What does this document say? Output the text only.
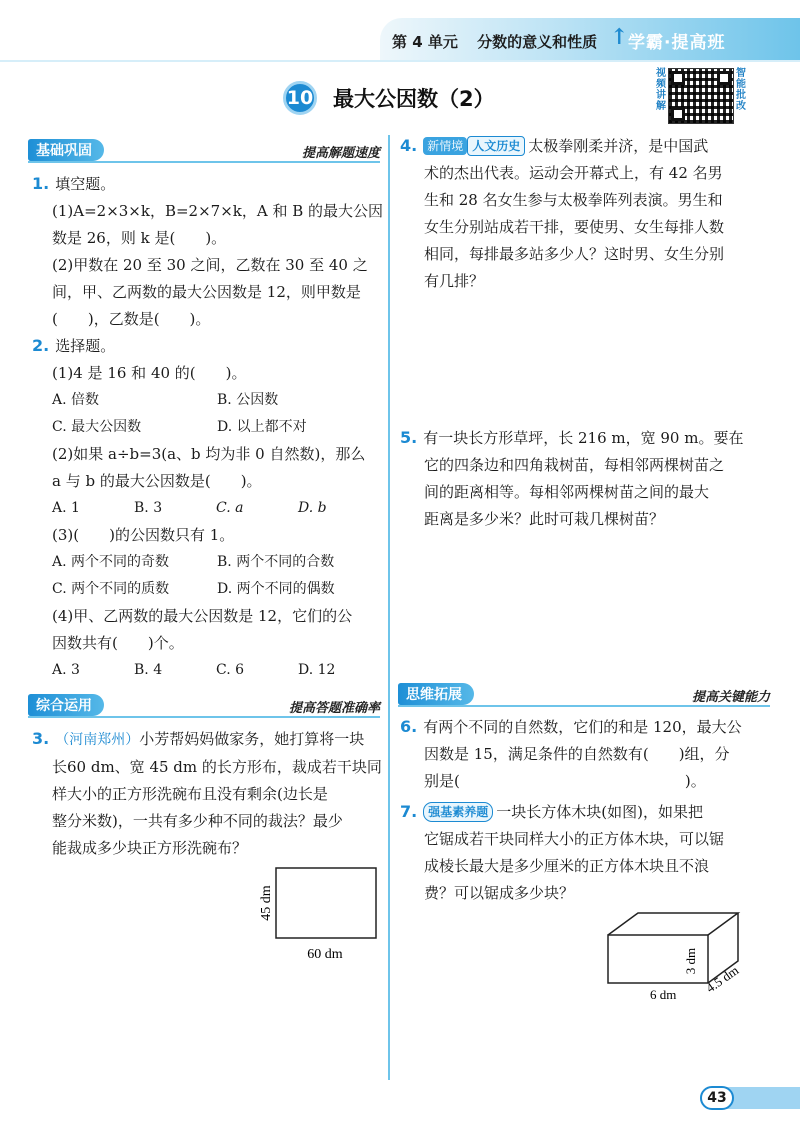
第 4 单元 分数的意义和性质 ↑ 学霸·提高班
10 最大公因数（2）
视频讲解
智能批改
基础巩固	提高解题速度
1. 填空题。
(1)A=2×3×k，B=2×7×k，A 和 B 的最大公因
数是 26，则 k 是(　　)。
(2)甲数在 20 至 30 之间，乙数在 30 至 40 之
间，甲、乙两数的最大公因数是 12，则甲数是
(　　)，乙数是(　　)。
2. 选择题。
(1)4 是 16 和 40 的(　　)。
A. 倍数	B. 公因数
C. 最大公因数	D. 以上都不对
(2)如果 a÷b=3(a、b 均为非 0 自然数)，那么
a 与 b 的最大公因数是(　　)。
A. 1	B. 3	C. a	D. b
(3)(　　)的公因数只有 1。
A. 两个不同的奇数	B. 两个不同的合数
C. 两个不同的质数	D. 两个不同的偶数
(4)甲、乙两数的最大公因数是 12，它们的公
因数共有(　　)个。
A. 3	B. 4	C. 6	D. 12
综合运用	提高答题准确率
3. （河南郑州）小芳帮妈妈做家务，她打算将一块
长60 dm、宽 45 dm 的长方形布，裁成若干块同
样大小的正方形洗碗布且没有剩余(边长是
整分米数)，一共有多少种不同的裁法？最少
能裁成多少块正方形洗碗布？
60 dm
45 dm
4. 新情境 人文历史 太极拳刚柔并济，是中国武
术的杰出代表。运动会开幕式上，有 42 名男
生和 28 名女生参与太极拳阵列表演。男生和
女生分别站成若干排，要使男、女生每排人数
相同，每排最多站多少人？这时男、女生分别
有几排？
5. 有一块长方形草坪，长 216 m，宽 90 m。要在
它的四条边和四角栽树苗，每相邻两棵树苗之
间的距离相等。每相邻两棵树苗之间的最大
距离是多少米？此时可栽几棵树苗？
思维拓展	提高关键能力
6. 有两个不同的自然数，它们的和是 120，最大公
因数是 15，满足条件的自然数有(　　)组，分
别是(　　　　　　　　　　　　　　　)。
7. 强基素养题 一块长方体木块(如图)，如果把
它锯成若干块同样大小的正方体木块，可以锯
成棱长最大是多少厘米的正方体木块且不浪
费？可以锯成多少块？
6 dm
3 dm
4.5 dm
43
